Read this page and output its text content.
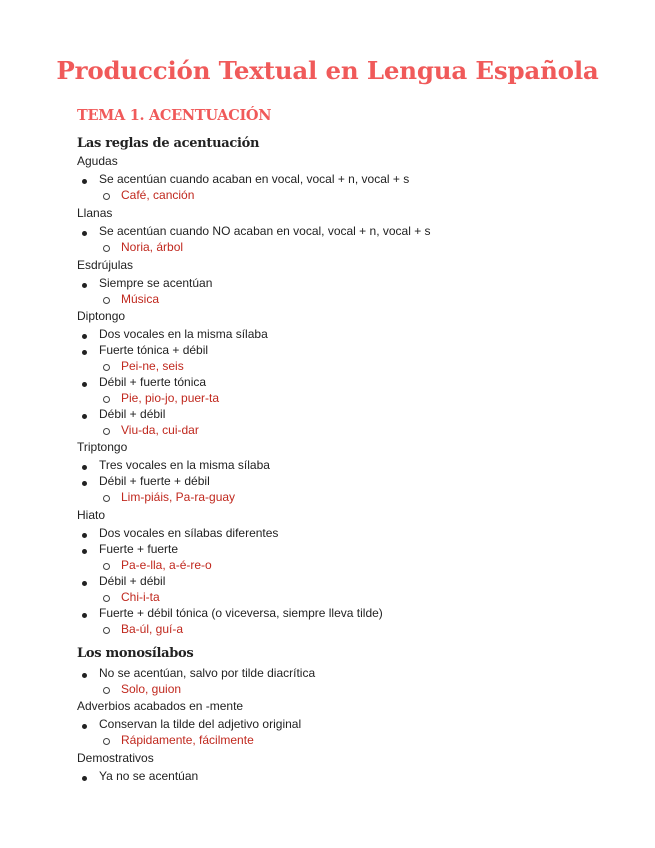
Producción Textual en Lengua Española
TEMA 1. ACENTUACIÓN
Las reglas de acentuación
Agudas
Se acentúan cuando acaban en vocal, vocal + n, vocal + s
Café, canción
Llanas
Se acentúan cuando NO acaban en vocal, vocal + n, vocal + s
Noria, árbol
Esdrújulas
Siempre se acentúan
Música
Diptongo
Dos vocales en la misma sílaba
Fuerte tónica + débil
Pei-ne, seis
Débil + fuerte tónica
Pie, pio-jo, puer-ta
Débil + débil
Viu-da, cui-dar
Triptongo
Tres vocales en la misma sílaba
Débil + fuerte + débil
Lim-piáis, Pa-ra-guay
Hiato
Dos vocales en sílabas diferentes
Fuerte + fuerte
Pa-e-lla, a-é-re-o
Débil + débil
Chi-i-ta
Fuerte + débil tónica (o viceversa, siempre lleva tilde)
Ba-úl, guí-a
Los monosílabos
No se acentúan, salvo por tilde diacrítica
Solo, guion
Adverbios acabados en -mente
Conservan la tilde del adjetivo original
Rápidamente, fácilmente
Demostrativos
Ya no se acentúan
